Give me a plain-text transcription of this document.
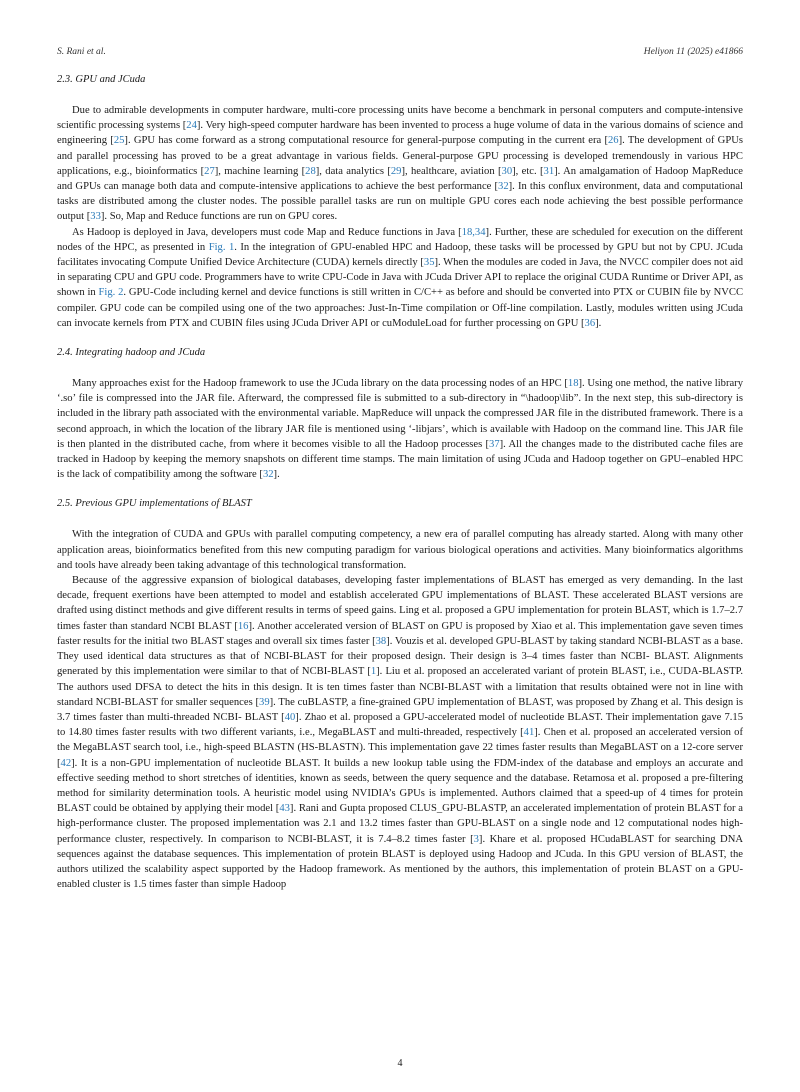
S. Rani et al.	Heliyon 11 (2025) e41866
2.3. GPU and JCuda

Due to admirable developments in computer hardware, multi-core processing units have become a benchmark in personal computers and compute-intensive scientific processing systems [24]. Very high-speed computer hardware has been invented to process a huge volume of data in the various domains of science and engineering [25]. GPU has come forward as a strong computational resource for general-purpose computing in the current era [26]. The development of GPUs and parallel processing has proved to be a great advantage in various fields. General-purpose GPU processing is developed tremendously in various HPC applications, e.g., bioinformatics [27], machine learning [28], data analytics [29], healthcare, aviation [30], etc. [31]. An amalgamation of Hadoop MapReduce and GPUs can manage both data and compute-intensive applications to achieve the best performance [32]. In this conflux environment, data and computational tasks are distributed among the cluster nodes. The possible parallel tasks are run on multiple GPU cores each node achieving the best possible performance output [33]. So, Map and Reduce functions are run on GPU cores.

As Hadoop is deployed in Java, developers must code Map and Reduce functions in Java [18,34]. Further, these are scheduled for execution on the different nodes of the HPC, as presented in Fig. 1. In the integration of GPU-enabled HPC and Hadoop, these tasks will be processed by GPU but not by CPU. JCuda facilitates invocating Compute Unified Device Architecture (CUDA) kernels directly [35]. When the modules are coded in Java, the NVCC compiler does not aid in separating CPU and GPU code. Programmers have to write CPU-Code in Java with JCuda Driver API to replace the original CUDA Runtime or Driver API, as shown in Fig. 2. GPU-Code including kernel and device functions is still written in C/C++ as before and should be converted into PTX or CUBIN file by NVCC compiler. GPU code can be compiled using one of the two approaches: Just-In-Time compilation or Off-line compilation. Lastly, modules written using JCuda can invocate kernels from PTX and CUBIN files using JCuda Driver API or cuModuleLoad for further processing on GPU [36].

2.4. Integrating hadoop and JCuda

Many approaches exist for the Hadoop framework to use the JCuda library on the data processing nodes of an HPC [18]. Using one method, the native library ‘.so’ file is compressed into the JAR file. Afterward, the compressed file is submitted to a sub-directory in “\hadoop\lib”. In the next step, this sub-directory is included in the library path associated with the environmental variable. MapReduce will unpack the compressed JAR file in the distributed framework. There is a second approach, in which the location of the library JAR file is mentioned using ‘-libjars’, which is available with Hadoop on the command line. This JAR file is then planted in the distributed cache, from where it becomes visible to all the Hadoop processes [37]. All the changes made to the distributed cache files are tracked in Hadoop by keeping the memory snapshots on different time stamps. The main limitation of using JCuda and Hadoop together on GPU–enabled HPC is the lack of compatibility among the software [32].

2.5. Previous GPU implementations of BLAST

With the integration of CUDA and GPUs with parallel computing competency, a new era of parallel computing has already started. Along with many other application areas, bioinformatics benefited from this new computing paradigm for various biological operations and activities. Many bioinformatics algorithms and tools have already been taking advantage of this technological transformation.

Because of the aggressive expansion of biological databases, developing faster implementations of BLAST has emerged as very demanding. In the last decade, frequent exertions have been attempted to model and establish accelerated GPU implementations of BLAST. These accelerated BLAST versions are drafted using distinct methods and give different results in terms of speed gains. Ling et al. proposed a GPU implementation for protein BLAST, which is 1.7–2.7 times faster than standard NCBI BLAST [16]. Another accelerated version of BLAST on GPU is proposed by Xiao et al. This implementation gave seven times faster results for the initial two BLAST stages and overall six times faster [38]. Vouzis et al. developed GPU-BLAST by taking standard NCBI-BLAST as a base. They used identical data structures as that of NCBI-BLAST for their proposed design. Their design is 3–4 times faster than NCBI- BLAST. Alignments generated by this implementation were similar to that of NCBI-BLAST [1]. Liu et al. proposed an accelerated variant of protein BLAST, i.e., CUDA-BLASTP. The authors used DFSA to detect the hits in this design. It is ten times faster than NCBI-BLAST with a limitation that results obtained were not in line with standard NCBI-BLAST for smaller sequences [39]. The cuBLASTP, a fine-grained GPU implementation of BLAST, was proposed by Zhang et al. This design is 3.7 times faster than multi-threaded NCBI- BLAST [40]. Zhao et al. proposed a GPU-accelerated model of nucleotide BLAST. Their implementation gave 7.15 to 14.80 times faster results with two different variants, i.e., MegaBLAST and multi-threaded, respectively [41]. Chen et al. proposed an accelerated version of the MegaBLAST search tool, i.e., high-speed BLASTN (HS-BLASTN). This implementation gave 22 times faster results than MegaBLAST on a 12-core server [42]. It is a non-GPU implementation of nucleotide BLAST. It builds a new lookup table using the FDM-index of the database and employs an accurate and effective seeding method to short stretches of identities, known as seeds, between the query sequence and the database. Retamosa et al. proposed a pre-filtering method for similarity determination tools. A heuristic model using NVIDIA’s GPUs is implemented. Authors claimed that a speed-up of 4 times for protein BLAST could be obtained by applying their model [43]. Rani and Gupta proposed CLUS_GPU-BLASTP, an accelerated implementation of protein BLAST for a high-performance cluster. The proposed implementation was 2.1 and 13.2 times faster than GPU-BLAST on a single node and 12 computational nodes high-performance cluster, respectively. In comparison to NCBI-BLAST, it is 7.4–8.2 times faster [3]. Khare et al. proposed HCudaBLAST for searching DNA sequences against the database sequences. This implementation of protein BLAST is deployed using Hadoop and JCuda. In this GPU version of BLAST, the authors utilized the scalability aspect supported by the Hadoop framework. As mentioned by the authors, this implementation of protein BLAST on a GPU-enabled cluster is 1.5 times faster than simple Hadoop

4
